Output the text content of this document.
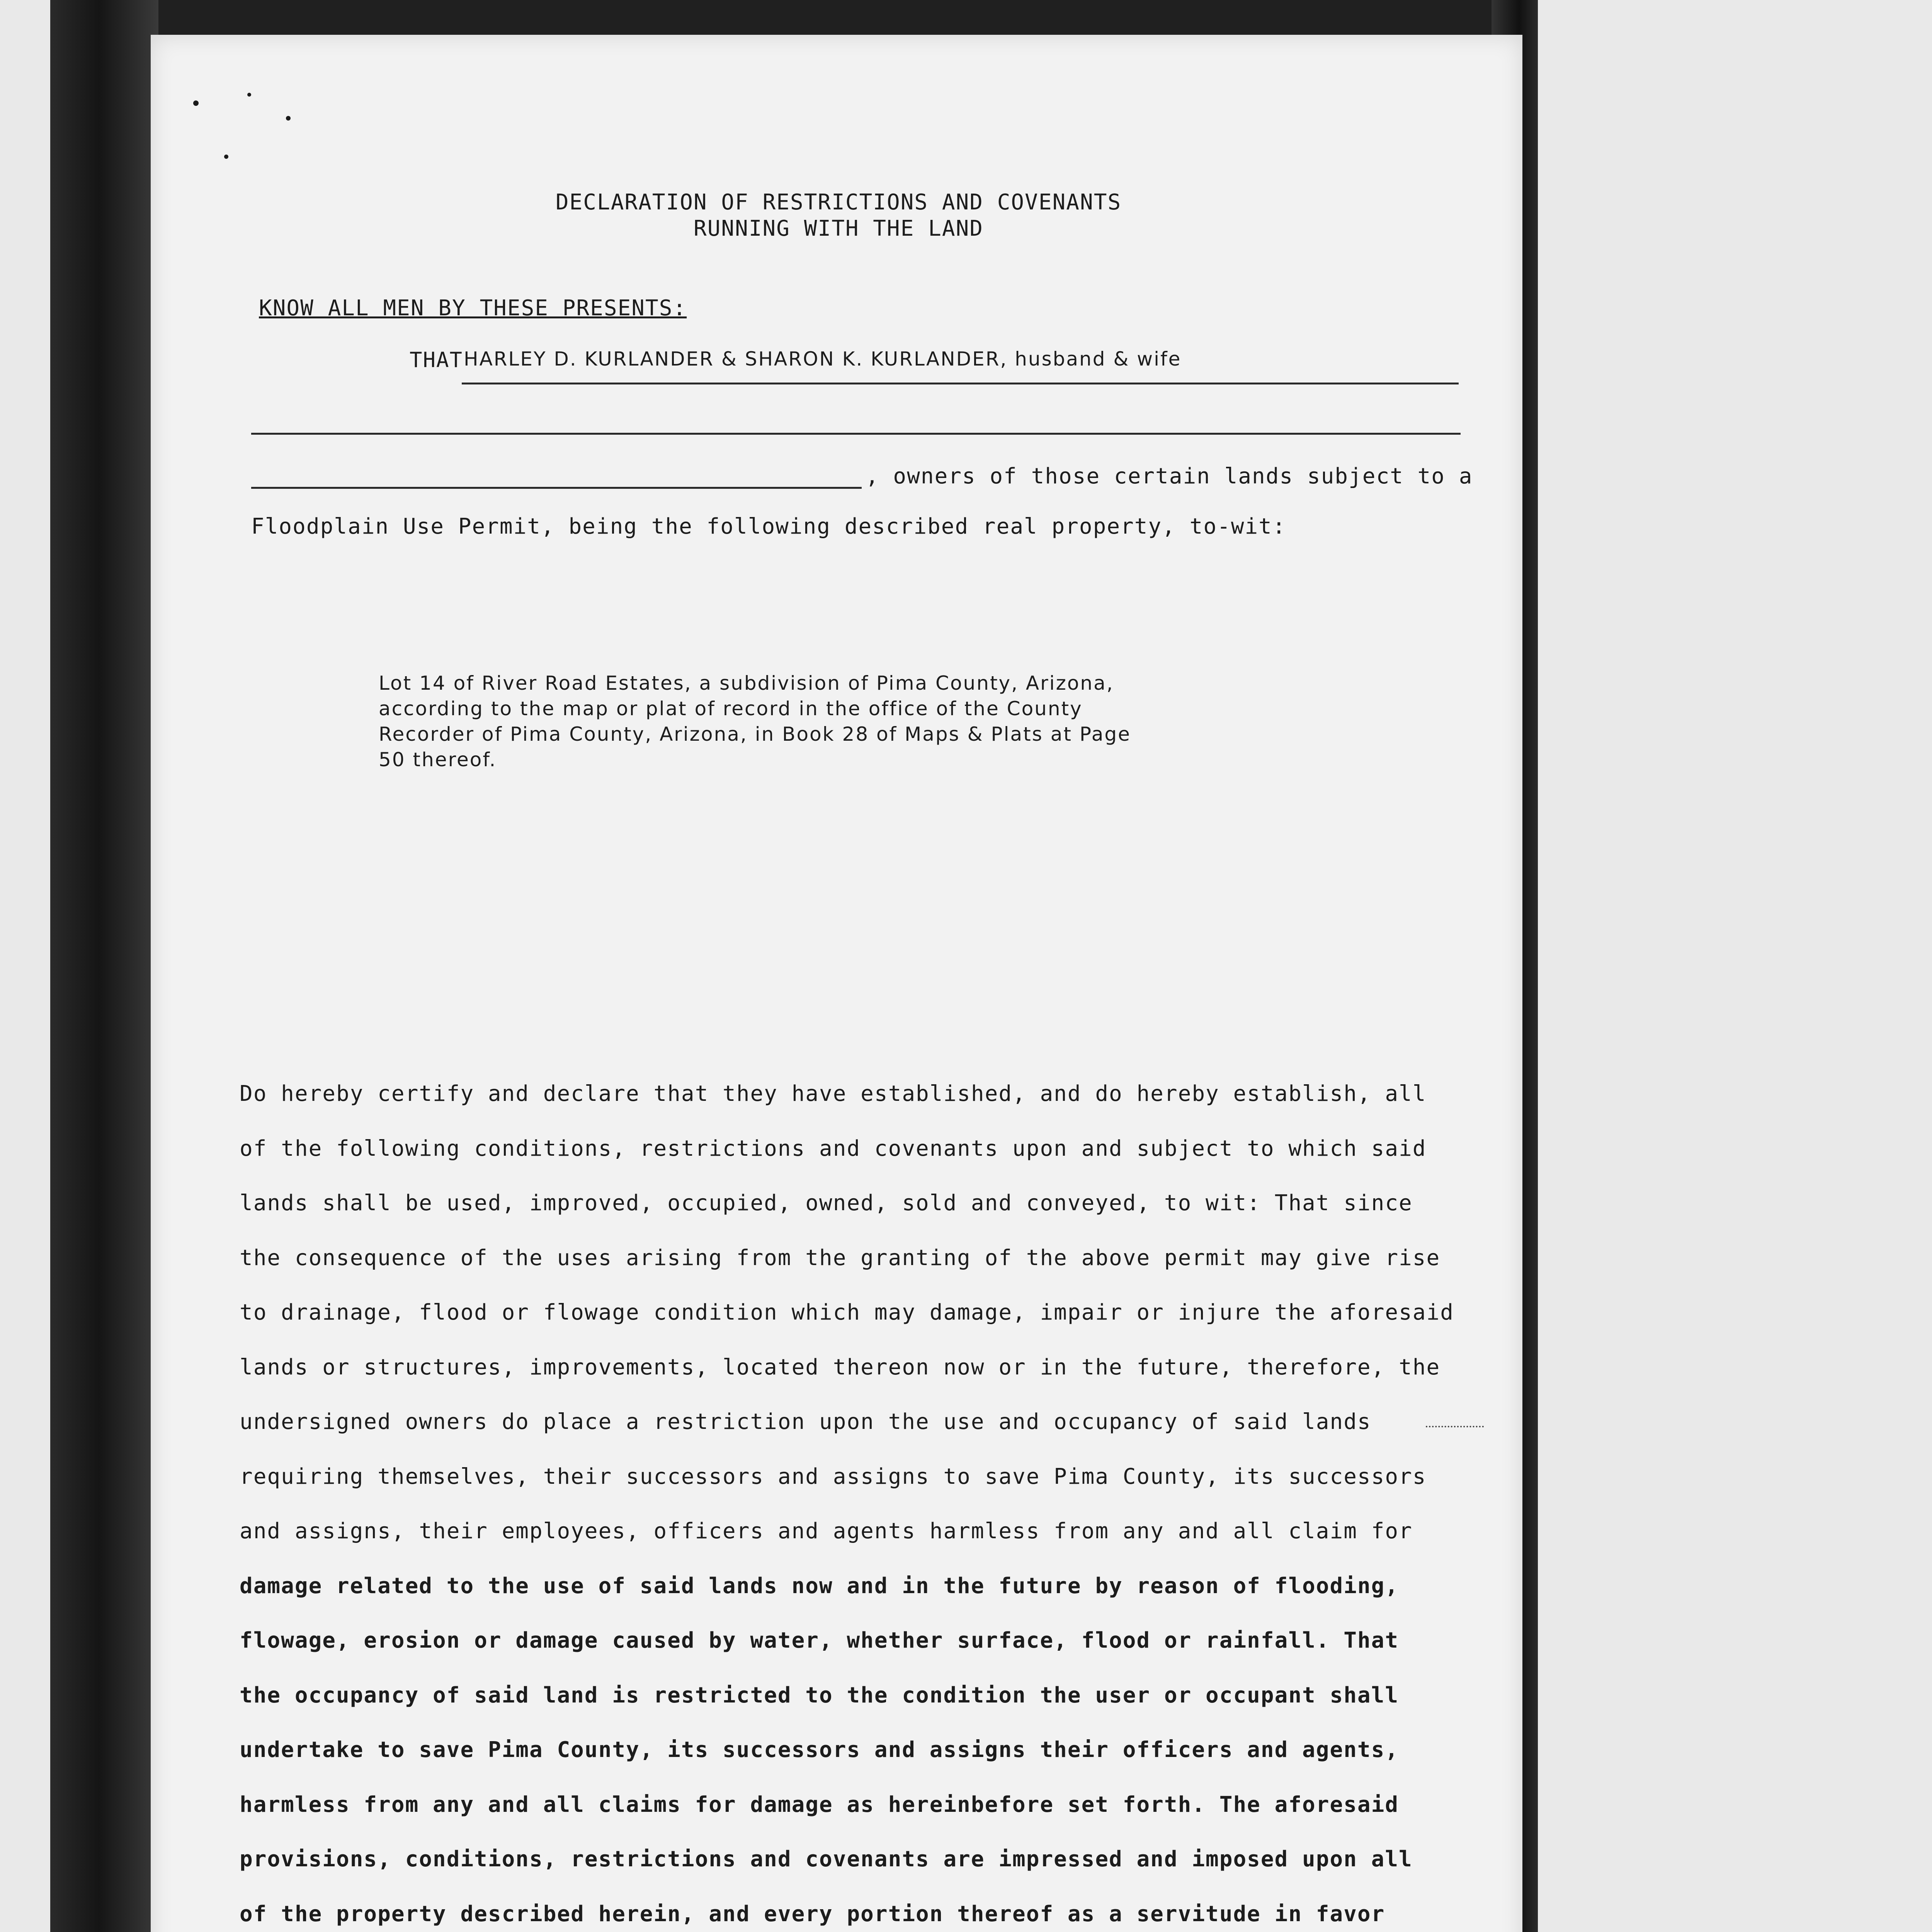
DECLARATION OF RESTRICTIONS AND COVENANTS
RUNNING WITH THE LAND
KNOW ALL MEN BY THESE PRESENTS:
THAT HARLEY D. KURLANDER & SHARON K. KURLANDER, husband & wife
, owners of those certain lands subject to a
Floodplain Use Permit, being the following described real property, to-wit:
Lot 14 of River Road Estates, a subdivision of Pima County, Arizona,
according to the map or plat of record in the office of the County
Recorder of Pima County, Arizona, in Book 28 of Maps & Plats at Page
50 thereof.
Do hereby certify and declare that they have established, and do hereby establish, all
of the following conditions, restrictions and covenants upon and subject to which said
lands shall be used, improved, occupied, owned, sold and conveyed, to wit: That since
the consequence of the uses arising from the granting of the above permit may give rise
to drainage, flood or flowage condition which may damage, impair or injure the aforesaid
lands or structures, improvements, located thereon now or in the future, therefore, the
undersigned owners do place a restriction upon the use and occupancy of said lands
requiring themselves, their successors and assigns to save Pima County, its successors
and assigns, their employees, officers and agents harmless from any and all claim for
damage related to the use of said lands now and in the future by reason of flooding,
flowage, erosion or damage caused by water, whether surface, flood or rainfall. That
the occupancy of said land is restricted to the condition the user or occupant shall
undertake to save Pima County, its successors and assigns their officers and agents,
harmless from any and all claims for damage as hereinbefore set forth. The aforesaid
provisions, conditions, restrictions and covenants are impressed and imposed upon all
of the property described herein, and every portion thereof as a servitude in favor
